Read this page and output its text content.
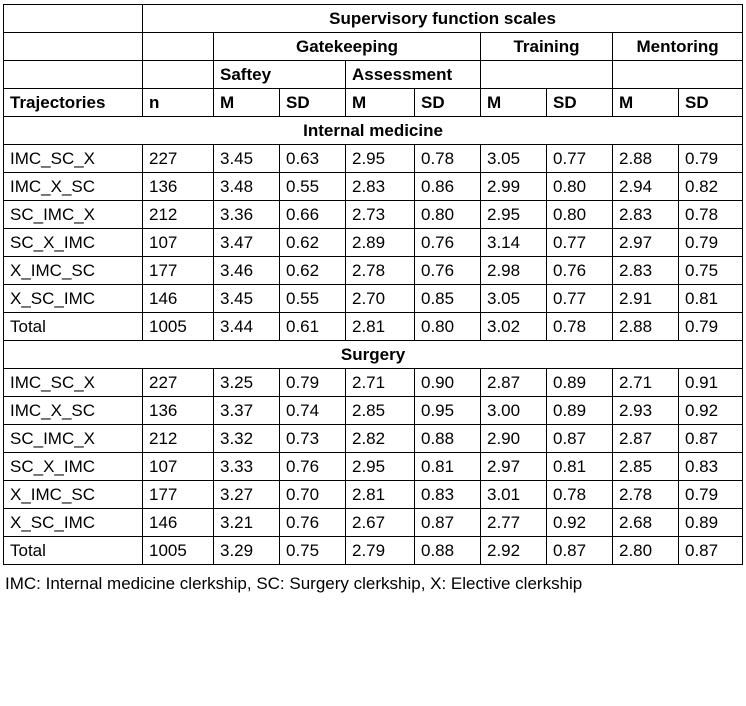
	Supervisory function scales								
		Gatekeeping				Training		Mentoring	
		Saftey		Assessment					
Trajectories	n	M	SD	M	SD	M	SD	M	SD
Internal medicine									
IMC_SC_X	227	3.45	0.63	2.95	0.78	3.05	0.77	2.88	0.79
IMC_X_SC	136	3.48	0.55	2.83	0.86	2.99	0.80	2.94	0.82
SC_IMC_X	212	3.36	0.66	2.73	0.80	2.95	0.80	2.83	0.78
SC_X_IMC	107	3.47	0.62	2.89	0.76	3.14	0.77	2.97	0.79
X_IMC_SC	177	3.46	0.62	2.78	0.76	2.98	0.76	2.83	0.75
X_SC_IMC	146	3.45	0.55	2.70	0.85	3.05	0.77	2.91	0.81
Total	1005	3.44	0.61	2.81	0.80	3.02	0.78	2.88	0.79
Surgery									
IMC_SC_X	227	3.25	0.79	2.71	0.90	2.87	0.89	2.71	0.91
IMC_X_SC	136	3.37	0.74	2.85	0.95	3.00	0.89	2.93	0.92
SC_IMC_X	212	3.32	0.73	2.82	0.88	2.90	0.87	2.87	0.87
SC_X_IMC	107	3.33	0.76	2.95	0.81	2.97	0.81	2.85	0.83
X_IMC_SC	177	3.27	0.70	2.81	0.83	3.01	0.78	2.78	0.79
X_SC_IMC	146	3.21	0.76	2.67	0.87	2.77	0.92	2.68	0.89
Total	1005	3.29	0.75	2.79	0.88	2.92	0.87	2.80	0.87
IMC: Internal medicine clerkship, SC: Surgery clerkship, X: Elective clerkship
